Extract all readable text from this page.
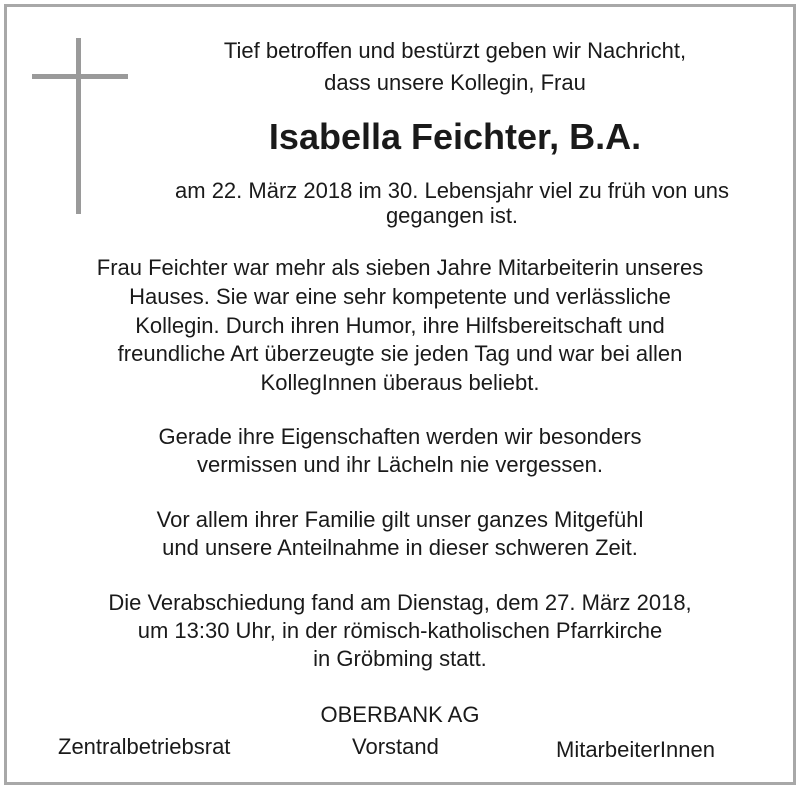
Tief betroffen und bestürzt geben wir Nachricht,
dass unsere Kollegin, Frau
Isabella Feichter, B.A.
am 22. März 2018 im 30. Lebensjahr viel zu früh von uns
gegangen ist.
Frau Feichter war mehr als sieben Jahre Mitarbeiterin unseres
Hauses. Sie war eine sehr kompetente und verlässliche
Kollegin. Durch ihren Humor, ihre Hilfsbereitschaft und
freundliche Art überzeugte sie jeden Tag und war bei allen
KollegInnen überaus beliebt.
Gerade ihre Eigenschaften werden wir besonders
vermissen und ihr Lächeln nie vergessen.
Vor allem ihrer Familie gilt unser ganzes Mitgefühl
und unsere Anteilnahme in dieser schweren Zeit.
Die Verabschiedung fand am Dienstag, dem 27. März 2018,
um 13:30 Uhr, in der römisch-katholischen Pfarrkirche
in Gröbming statt.
OBERBANK AG
Zentralbetriebsrat	Vorstand	MitarbeiterInnen
